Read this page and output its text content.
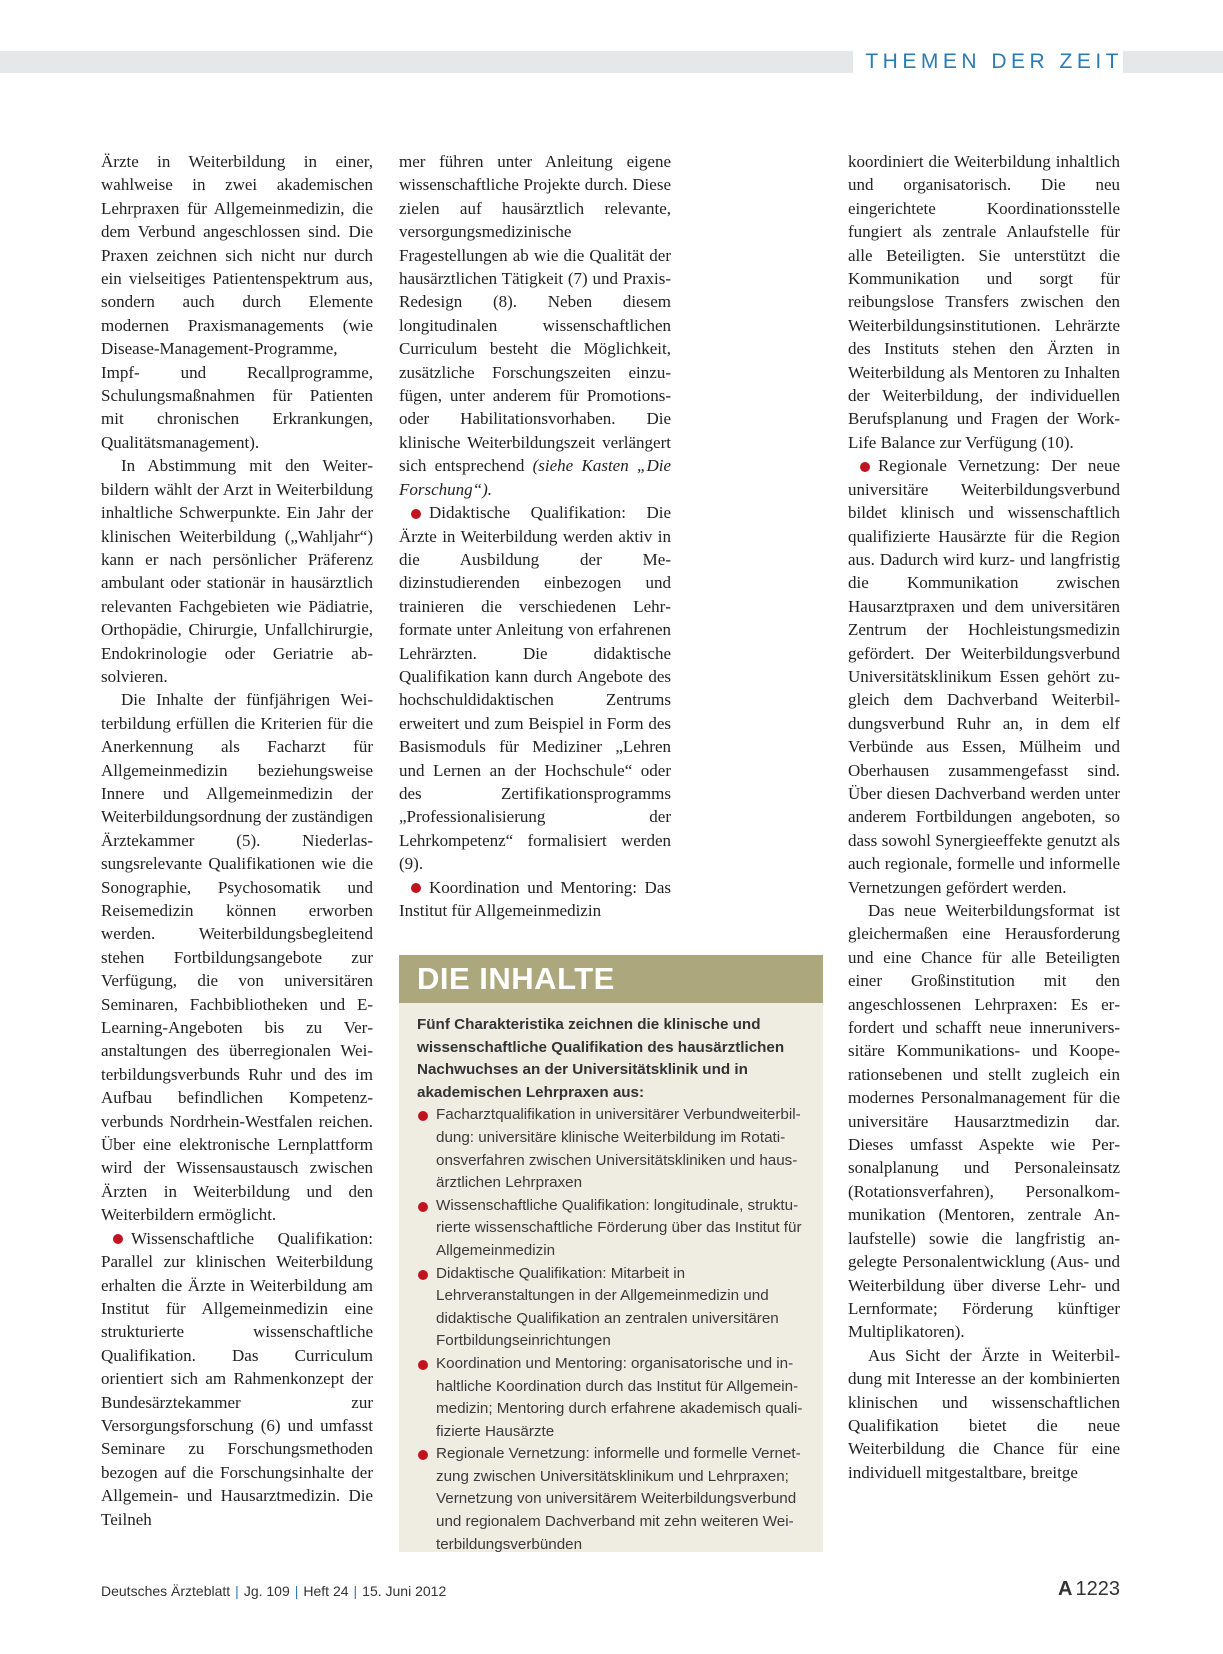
THEMEN DER ZEIT

Ärzte in Weiterbildung in einer, wahlweise in zwei akademischen Lehrpraxen für Allgemeinmedizin, die dem Verbund angeschlossen sind. Die Praxen zeichnen sich nicht nur durch ein vielseitiges Patientenspektrum aus, sondern auch durch Elemente modernen Praxismanagements (wie Disease-Management-Programme, Impf- und Recallprogramme, Schulungsmaßnahmen für Patienten mit chronischen Erkrankungen, Qualitätsmanagement).

In Abstimmung mit den Weiterbildern wählt der Arzt in Weiterbildung inhaltliche Schwerpunkte. Ein Jahr der klinischen Weiterbildung („Wahljahr“) kann er nach persönlicher Präferenz ambulant oder stationär in hausärztlich relevanten Fachgebieten wie Pädiatrie, Orthopädie, Chirurgie, Unfallchirurgie, Endokrinologie oder Geriatrie absolvieren.

Die Inhalte der fünfjährigen Weiterbildung erfüllen die Kriterien für die Anerkennung als Facharzt für Allgemeinmedizin beziehungsweise Innere und Allgemeinmedizin der Weiterbildungsordnung der zuständigen Ärztekammer (5). Niederlassungsrelevante Qualifikationen wie die Sonographie, Psychosomatik und Reisemedizin können erworben werden. Weiterbildungsbegleitend stehen Fortbildungsangebote zur Verfügung, die von universitären Seminaren, Fachbibliotheken und E-Learning-Angeboten bis zu Veranstaltungen des überregionalen Weiterbildungsverbunds Ruhr und des im Aufbau befindlichen Kompetenzverbunds Nordrhein-Westfalen reichen. Über eine elektronische Lernplattform wird der Wissensaustausch zwischen Ärzten in Weiterbildung und den Weiterbildern ermöglicht.

Wissenschaftliche Qualifikation: Parallel zur klinischen Weiterbildung erhalten die Ärzte in Weiterbildung am Institut für Allgemeinmedizin eine strukturierte wissenschaftliche Qualifikation. Das Curriculum orientiert sich am Rahmenkonzept der Bundesärztekammer zur Versorgungsforschung (6) und umfasst Seminare zu Forschungsmethoden bezogen auf die Forschungsinhalte der Allgemein- und Hausarztmedizin. Die Teilneh

mer führen unter Anleitung eigene wissenschaftliche Projekte durch. Diese zielen auf hausärztlich relevante, versorgungsmedizinische Fragestellungen ab wie die Qualität der hausärztlichen Tätigkeit (7) und Praxis-Redesign (8). Neben diesem longitudinalen wissenschaftlichen Curriculum besteht die Möglichkeit, zusätzliche Forschungszeiten einzufügen, unter anderem für Promotions- oder Habilitationsvorhaben. Die klinische Weiterbildungszeit verlängert sich entsprechend (siehe Kasten „Die Forschung“).

Didaktische Qualifikation: Die Ärzte in Weiterbildung werden aktiv in die Ausbildung der Medizinstudierenden einbezogen und trainieren die verschiedenen Lehrformate unter Anleitung von erfahrenen Lehrärzten. Die didaktische Qualifikation kann durch Angebote des hochschuldidaktischen Zentrums erweitert und zum Beispiel in Form des Basismoduls für Mediziner „Lehren und Lernen an der Hochschule“ oder des Zertifikationsprogramms „Professionalisierung der Lehrkompetenz“ formalisiert werden (9).

Koordination und Mentoring: Das Institut für Allgemeinmedizin

DIE INHALTE

Fünf Charakteristika zeichnen die klinische und wissenschaftliche Qualifikation des hausärztlichen Nachwuchses an der Universitätsklinik und in akademischen Lehrpraxen aus:

Facharztqualifikation in universitärer Verbundweiterbildung: universitäre klinische Weiterbildung im Rotationsverfahren zwischen Universitätskliniken und hausärztlichen Lehrpraxen
Wissenschaftliche Qualifikation: longitudinale, strukturierte wissenschaftliche Förderung über das Institut für Allgemeinmedizin
Didaktische Qualifikation: Mitarbeit in Lehrveranstaltungen in der Allgemeinmedizin und didaktische Qualifikation an zentralen universitären Fortbildungseinrichtungen
Koordination und Mentoring: organisatorische und inhaltliche Koordination durch das Institut für Allgemeinmedizin; Mentoring durch erfahrene akademisch qualifizierte Hausärzte
Regionale Vernetzung: informelle und formelle Vernetzung zwischen Universitätsklinikum und Lehrpraxen; Vernetzung von universitärem Weiterbildungsverbund und regionalem Dachverband mit zehn weiteren Weiterbildungsverbünden

koordiniert die Weiterbildung inhaltlich und organisatorisch. Die neu eingerichtete Koordinationsstelle fungiert als zentrale Anlaufstelle für alle Beteiligten. Sie unterstützt die Kommunikation und sorgt für reibungslose Transfers zwischen den Weiterbildungsinstitutionen. Lehrärzte des Instituts stehen den Ärzten in Weiterbildung als Mentoren zu Inhalten der Weiterbildung, der individuellen Berufsplanung und Fragen der Work-Life Balance zur Verfügung (10).

Regionale Vernetzung: Der neue universitäre Weiterbildungsverbund bildet klinisch und wissenschaftlich qualifizierte Hausärzte für die Region aus. Dadurch wird kurz- und langfristig die Kommunikation zwischen Hausarztpraxen und dem universitären Zentrum der Hochleistungsmedizin gefördert. Der Weiterbildungsverbund Universitätsklinikum Essen gehört zugleich dem Dachverband Weiterbildungsverbund Ruhr an, in dem elf Verbünde aus Essen, Mülheim und Oberhausen zusammengefasst sind. Über diesen Dachverband werden unter anderem Fortbildungen angeboten, so dass sowohl Synergieeffekte genutzt als auch regionale, formelle und informelle Vernetzungen gefördert werden.

Das neue Weiterbildungsformat ist gleichermaßen eine Herausforderung und eine Chance für alle Beteiligten einer Großinstitution mit den angeschlossenen Lehrpraxen: Es erfordert und schafft neue inneruniverssitäre Kommunikations- und Kooperationsebenen und stellt zugleich ein modernes Personalmanagement für die universitäre Hausarztmedizin dar. Dieses umfasst Aspekte wie Personalplanung und Personaleinsatz (Rotationsverfahren), Personalkommunikation (Mentoren, zentrale Anlaufstelle) sowie die langfristig angelegte Personalentwicklung (Aus- und Weiterbildung über diverse Lehr- und Lernformate; Förderung künftiger Multiplikatoren).

Aus Sicht der Ärzte in Weiterbildung mit Interesse an der kombinierten klinischen und wissenschaftlichen Qualifikation bietet die neue Weiterbildung die Chance für eine individuell mitgestaltbare, breitge

Deutsches Ärzteblatt | Jg. 109 | Heft 24 | 15. Juni 2012	A 1223
